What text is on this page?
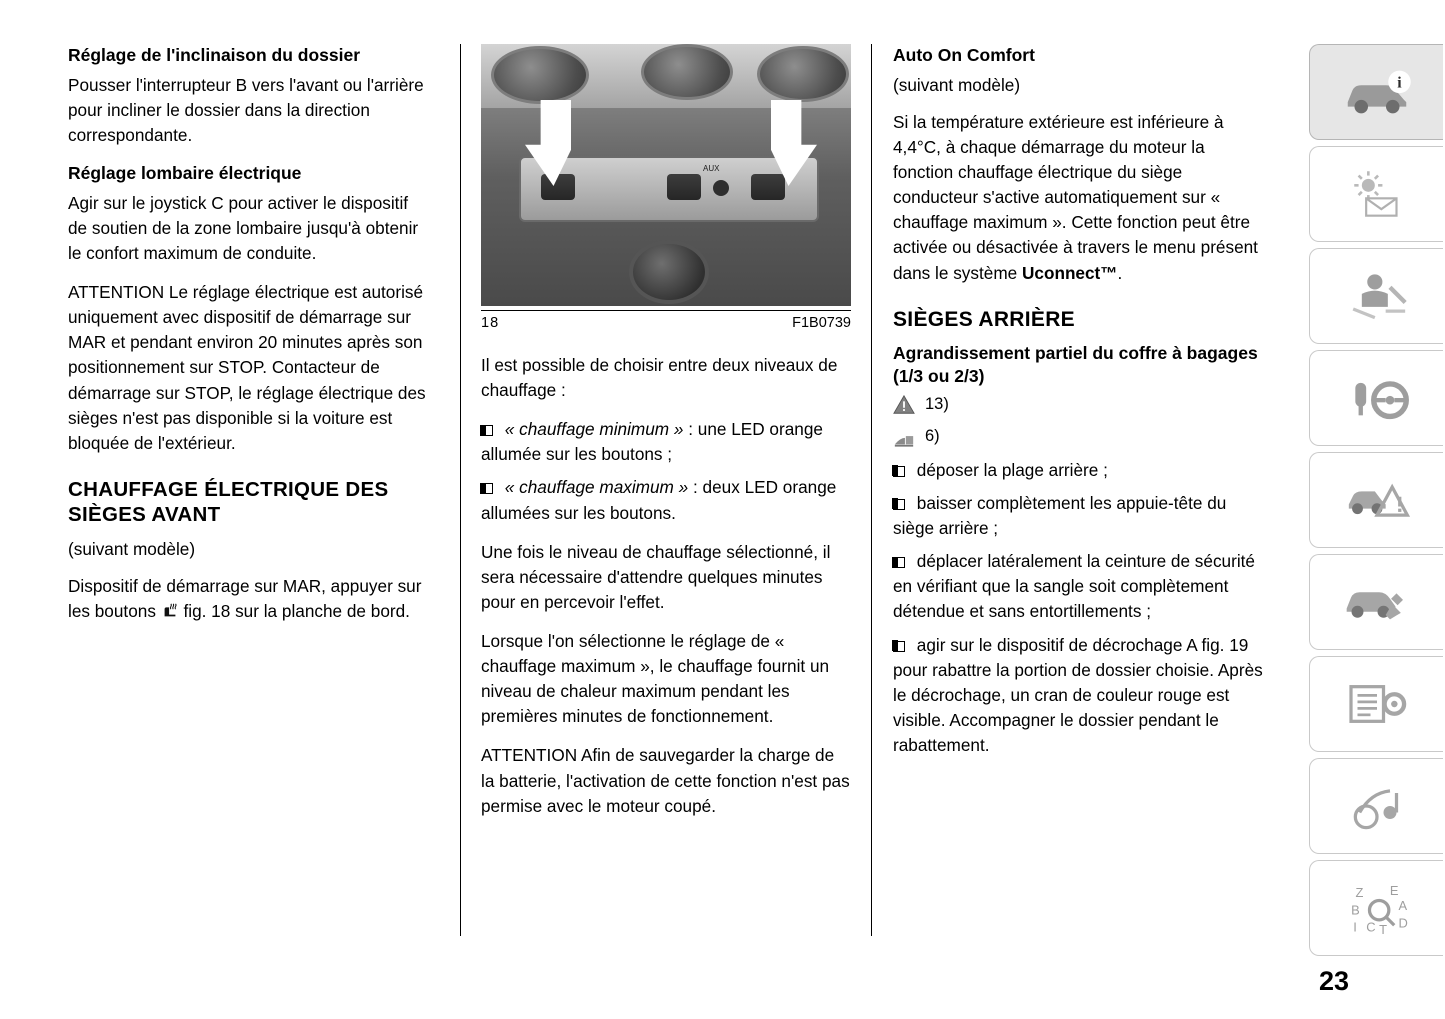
Réglage de l'inclinaison du dossier

Pousser l'interrupteur B vers l'avant ou l'arrière pour incliner le dossier dans la direction correspondante.

Réglage lombaire électrique

Agir sur le joystick C pour activer le dispositif de soutien de la zone lombaire jusqu'à obtenir le confort maximum de conduite.

ATTENTION Le réglage électrique est autorisé uniquement avec dispositif de démarrage sur MAR et pendant environ 20 minutes après son positionnement sur STOP. Contacteur de démarrage sur STOP, le réglage électrique des sièges n'est pas disponible si la voiture est bloquée de l'extérieur.

CHAUFFAGE ÉLECTRIQUE DES SIÈGES AVANT

(suivant modèle)

Dispositif de démarrage sur MAR, appuyer sur les boutons fig. 18 sur la planche de bord.

AUX
18	F1B0739

Il est possible de choisir entre deux niveaux de chauffage :

« chauffage minimum » : une LED orange allumée sur les boutons ;
« chauffage maximum » : deux LED orange allumées sur les boutons.

Une fois le niveau de chauffage sélectionné, il sera nécessaire d'attendre quelques minutes pour en percevoir l'effet.

Lorsque l'on sélectionne le réglage de « chauffage maximum », le chauffage fournit un niveau de chaleur maximum pendant les premières minutes de fonctionnement.

ATTENTION Afin de sauvegarder la charge de la batterie, l'activation de cette fonction n'est pas permise avec le moteur coupé.

Auto On Comfort

(suivant modèle)

Si la température extérieure est inférieure à 4,4°C, à chaque démarrage du moteur la fonction chauffage électrique du siège conducteur s'active automatiquement sur « chauffage maximum ». Cette fonction peut être activée ou désactivée à travers le menu présent dans le système Uconnect™.

SIÈGES ARRIÈRE
Agrandissement partiel du coffre à bagages (1/3 ou 2/3)
13)
6)
déposer la plage arrière ;
baisser complètement les appuie-tête du siège arrière ;
déplacer latéralement la ceinture de sécurité en vérifiant que la sangle soit complètement détendue et sans entortillements ;
agir sur le dispositif de décrochage A fig. 19 pour rabattre la portion de dossier choisie. Après le décrochage, un cran de couleur rouge est visible. Accompagner le dossier pendant le rabattement.
i
Z E
B	A
I C T D
23
